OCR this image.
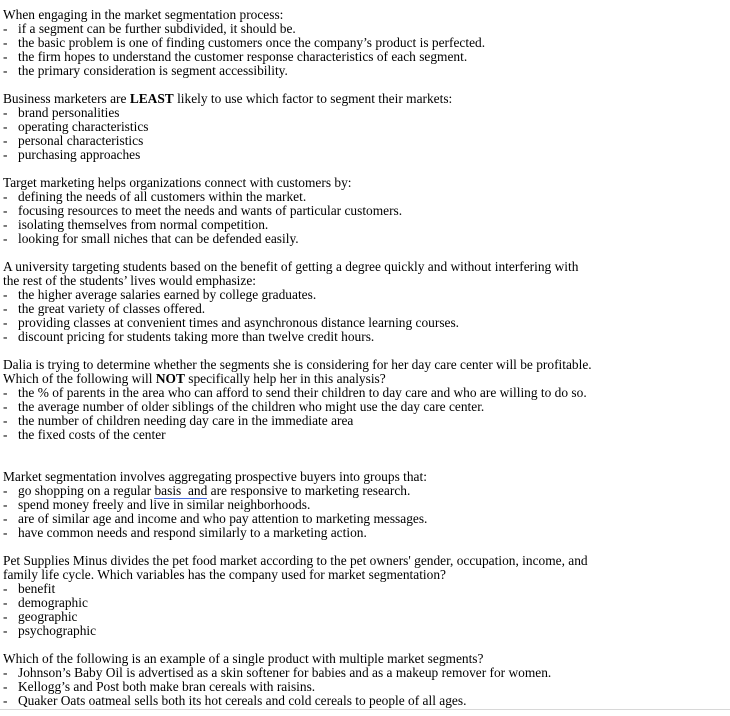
When engaging in the market segmentation process:

- if a segment can be further subdivided, it should be.
- the basic problem is one of finding customers once the company’s product is perfected.
- the firm hopes to understand the customer response characteristics of each segment.
- the primary consideration is segment accessibility.

Business marketers are LEAST likely to use which factor to segment their markets:

- brand personalities
- operating characteristics
- personal characteristics
- purchasing approaches

Target marketing helps organizations connect with customers by:

- defining the needs of all customers within the market.
- focusing resources to meet the needs and wants of particular customers.
- isolating themselves from normal competition.
- looking for small niches that can be defended easily.

A university targeting students based on the benefit of getting a degree quickly and without interfering with the rest of the students’ lives would emphasize:

- the higher average salaries earned by college graduates.
- the great variety of classes offered.
- providing classes at convenient times and asynchronous distance learning courses.
- discount pricing for students taking more than twelve credit hours.

Dalia is trying to determine whether the segments she is considering for her day care center will be profitable. Which of the following will NOT specifically help her in this analysis?

- the % of parents in the area who can afford to send their children to day care and who are willing to do so.
- the average number of older siblings of the children who might use the day care center.
- the number of children needing day care in the immediate area
- the fixed costs of the center

Market segmentation involves aggregating prospective buyers into groups that:

- go shopping on a regular basis  and are responsive to marketing research.
- spend money freely and live in similar neighborhoods.
- are of similar age and income and who pay attention to marketing messages.
- have common needs and respond similarly to a marketing action.

Pet Supplies Minus divides the pet food market according to the pet owners' gender, occupation, income, and family life cycle. Which variables has the company used for market segmentation?

- benefit
- demographic
- geographic
- psychographic

Which of the following is an example of a single product with multiple market segments?

- Johnson’s Baby Oil is advertised as a skin softener for babies and as a makeup remover for women.
- Kellogg’s and Post both make bran cereals with raisins.
- Quaker Oats oatmeal sells both its hot cereals and cold cereals to people of all ages.
